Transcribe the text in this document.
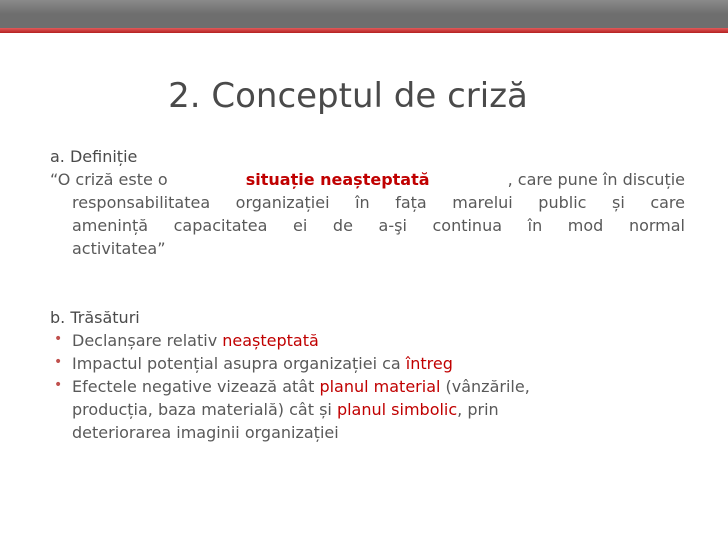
2. Conceptul de criză

a. Definiție

“O criză este o	situație neașteptată	, care pune în discuție

responsabilitatea organizației în fața marelui public și care

amenință capacitatea ei de a-şi continua în mod normal

activitatea”

b. Trăsături

• Declanșare relativ neașteptată

• Impactul potențial asupra organizației ca întreg

• Efectele negative vizează atât planul material (vânzările,

producția, baza materială) cât și planul simbolic, prin

deteriorarea imaginii organizației
